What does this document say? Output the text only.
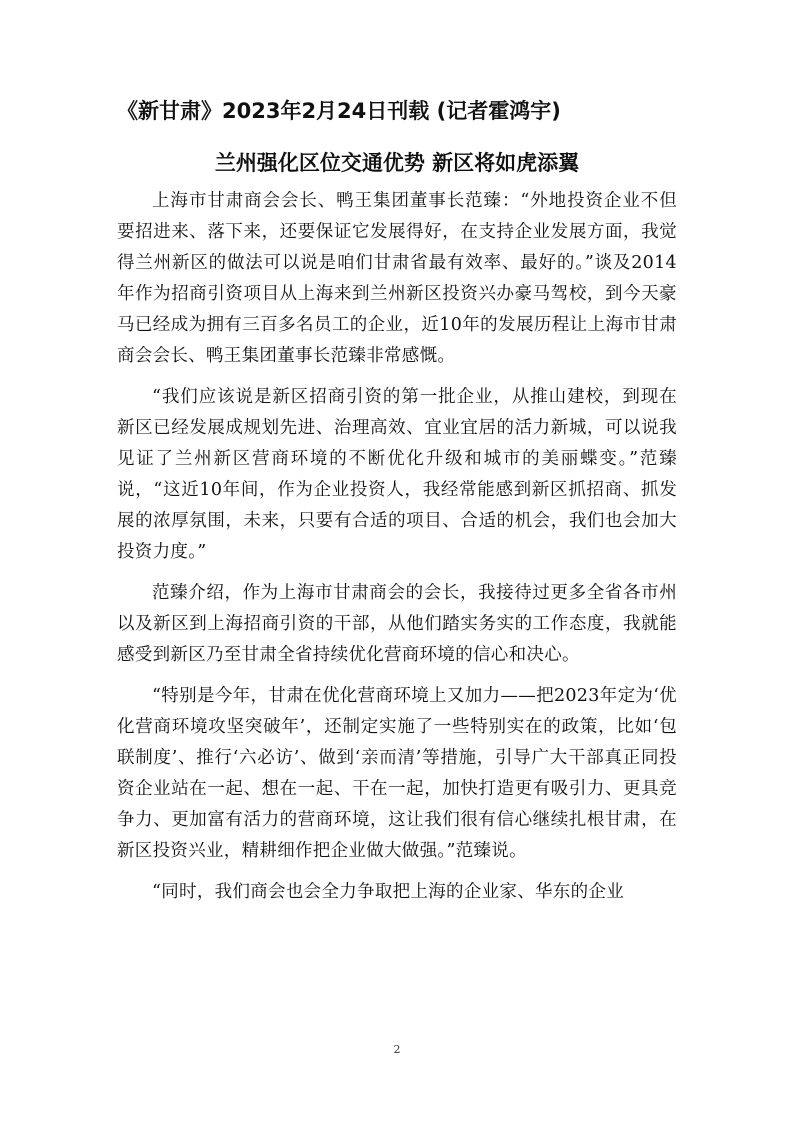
《新甘肃》2023年2月24日刊载 (记者霍鸿宇)
兰州强化区位交通优势 新区将如虎添翼

上海市甘肃商会会长、鸭王集团董事长范臻：“外地投资企业不但要招进来、落下来，还要保证它发展得好，在支持企业发展方面，我觉得兰州新区的做法可以说是咱们甘肃省最有效率、最好的。”谈及2014年作为招商引资项目从上海来到兰州新区投资兴办豪马驾校，到今天豪马已经成为拥有三百多名员工的企业，近10年的发展历程让上海市甘肃商会会长、鸭王集团董事长范臻非常感慨。

“我们应该说是新区招商引资的第一批企业，从推山建校，到现在新区已经发展成规划先进、治理高效、宜业宜居的活力新城，可以说我见证了兰州新区营商环境的不断优化升级和城市的美丽蝶变。”范臻说，“这近10年间，作为企业投资人，我经常能感到新区抓招商、抓发展的浓厚氛围，未来，只要有合适的项目、合适的机会，我们也会加大投资力度。”

范臻介绍，作为上海市甘肃商会的会长，我接待过更多全省各市州以及新区到上海招商引资的干部，从他们踏实务实的工作态度，我就能感受到新区乃至甘肃全省持续优化营商环境的信心和决心。

“特别是今年，甘肃在优化营商环境上又加力——把2023年定为‘优化营商环境攻坚突破年’，还制定实施了一些特别实在的政策，比如‘包联制度’、推行‘六必访’、做到‘亲而清’等措施，引导广大干部真正同投资企业站在一起、想在一起、干在一起，加快打造更有吸引力、更具竞争力、更加富有活力的营商环境，这让我们很有信心继续扎根甘肃，在新区投资兴业，精耕细作把企业做大做强。”范臻说。

“同时，我们商会也会全力争取把上海的企业家、华东的企业

2
